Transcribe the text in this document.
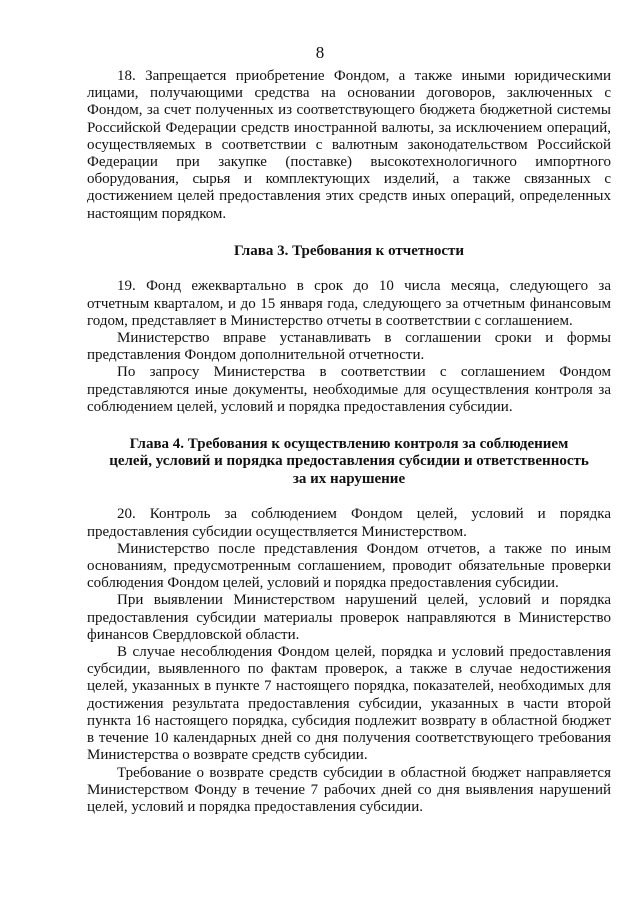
8

18. Запрещается приобретение Фондом, а также иными юридическими лицами, получающими средства на основании договоров, заключенных с Фондом, за счет полученных из соответствующего бюджета бюджетной системы Российской Федерации средств иностранной валюты, за исключением операций, осуществляемых в соответствии с валютным законодательством Российской Федерации при закупке (поставке) высокотехнологичного импортного оборудования, сырья и комплектующих изделий, а также связанных с достижением целей предоставления этих средств иных операций, определенных настоящим порядком.

Глава 3. Требования к отчетности

19. Фонд ежеквартально в срок до 10 числа месяца, следующего за отчетным кварталом, и до 15 января года, следующего за отчетным финансовым годом, представляет в Министерство отчеты в соответствии с соглашением.

Министерство вправе устанавливать в соглашении сроки и формы представления Фондом дополнительной отчетности.

По запросу Министерства в соответствии с соглашением Фондом представляются иные документы, необходимые для осуществления контроля за соблюдением целей, условий и порядка предоставления субсидии.

Глава 4. Требования к осуществлению контроля за соблюдением
целей, условий и порядка предоставления субсидии и ответственность
за их нарушение

20. Контроль за соблюдением Фондом целей, условий и порядка предоставления субсидии осуществляется Министерством.

Министерство после представления Фондом отчетов, а также по иным основаниям, предусмотренным соглашением, проводит обязательные проверки соблюдения Фондом целей, условий и порядка предоставления субсидии.

При выявлении Министерством нарушений целей, условий и порядка предоставления субсидии материалы проверок направляются в Министерство финансов Свердловской области.

В случае несоблюдения Фондом целей, порядка и условий предоставления субсидии, выявленного по фактам проверок, а также в случае недостижения целей, указанных в пункте 7 настоящего порядка, показателей, необходимых для достижения результата предоставления субсидии, указанных в части второй пункта 16 настоящего порядка, субсидия подлежит возврату в областной бюджет в течение 10 календарных дней со дня получения соответствующего требования Министерства о возврате средств субсидии.

Требование о возврате средств субсидии в областной бюджет направляется Министерством Фонду в течение 7 рабочих дней со дня выявления нарушений целей, условий и порядка предоставления субсидии.
